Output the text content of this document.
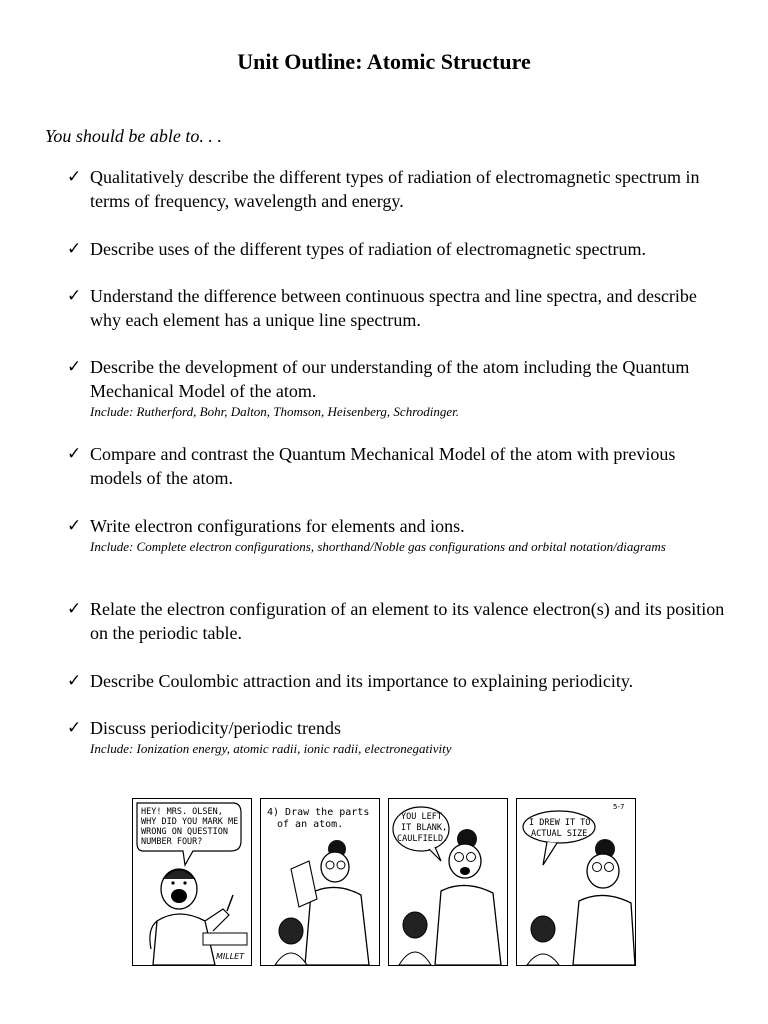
Unit Outline: Atomic Structure
You should be able to. . .
✓ Qualitatively describe the different types of radiation of electromagnetic spectrum in terms of frequency, wavelength and energy.
✓ Describe uses of the different types of radiation of electromagnetic spectrum.
✓ Understand the difference between continuous spectra and line spectra, and describe why each element has a unique line spectrum.
✓ Describe the development of our understanding of the atom including the Quantum Mechanical Model of the atom.
Include: Rutherford, Bohr, Dalton, Thomson, Heisenberg, Schrodinger.
✓ Compare and contrast the Quantum Mechanical Model of the atom with previous models of the atom.
✓ Write electron configurations for elements and ions.
Include: Complete electron configurations, shorthand/Noble gas configurations and orbital notation/diagrams
✓ Relate the electron configuration of an element to its valence electron(s) and its position on the periodic table.
✓ Describe Coulombic attraction and its importance to explaining periodicity.
✓ Discuss periodicity/periodic trends
Include: Ionization energy, atomic radii, ionic radii, electronegativity
HEY! MRS. OLSEN,
WHY DID YOU MARK ME
WRONG ON QUESTION
NUMBER FOUR?
4) Draw the parts
of an atom.
YOU LEFT
IT BLANK,
CAULFIELD.
5-7
I DREW IT TO
ACTUAL SIZE.
MILLET
